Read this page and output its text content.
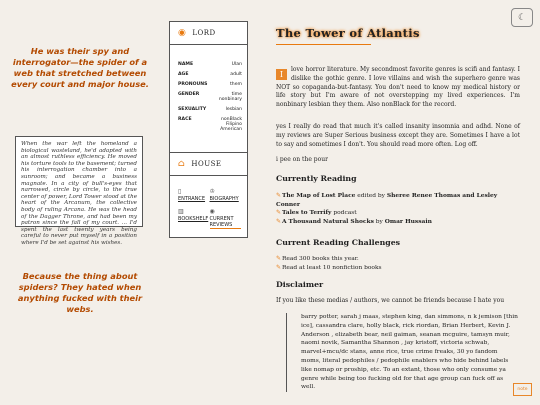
He was their spy and interrogator—the spider of a web that stretched between every court and major house.
When the war left the homeland a biological wasteland, he'd adapted with an almost ruthless efficiency. He moved his torture tools to the basement; turned his interrogation chamber into a sunroom; and became a business magnate. In a city of bull's-eyes that narrowed, circle by circle, to the true center of power, Lord Tower stood at the heart of the Arcanum, the collective body of ruling Arcana. He was the head of the Dagger Throne, and had been my patron since the fall of my court. ... I'd spent the last twenty years being careful to never put myself in a position where I'd be set against his wishes.
Because the thing about spiders? They hated when anything fucked with their webs.
◉ LORD
NAME	Ulan
AGE	adult
PRONOUNS	them
GENDER	time nonbinary
SEXUALITY	lesbian
RACE	nonBlack Filipino American
⌂ HOUSE
▯
ENTRANCE
♔
BIOGRAPHY
▥
BOOKSHELF
◉
CURRENT REVIEWS
The Tower of Atlantis
I
love horror literature. My secondmost favorite genres is scifi and fantasy. I dislike the gothic genre. I love villains and wish the superhero genre was NOT so copaganda-but-fantasy. You don't need to know my medical history or life story but I'm aware of not overstepping my lived experiences. I'm nonbinary lesbian they them. Also nonBlack for the record.
yes I really do read that much it's called insanity insomnia and adhd. None of my reviews are Super Serious business except they are. Sometimes I have a lot to say and sometimes I don't. You should read more often. Log off.
i pee on the pour
Currently Reading
✎The Map of Lost Place edited by Sheree Renee Thomas and Lesley Conner
✎Tales to Terrify podcast
✎A Thousand Natural Shocks by Omar Hussain
Current Reading Challenges
✎Read 300 books this year.
✎Read at least 10 nonfiction books
Disclaimer
If you like these medias / authors, we cannot be friends because I hate you
barry potter, sarah j maas, stephen king, dan simmons, n k jemison [thin ice], cassandra clare, holly black, rick riordan, Brian Herbert, Kevin J. Anderson , elizabeth bear, neil gaiman, seanan mcguire, tamsyn muir, naomi novik, Samantha Shannon , jay kristoff, victoria schwab, marvel+mcu/dc stans, anne rice, true crime freaks, 30 yo fandom moms, literal pedophiles / pedophile enablers who hide behind labels like nomap or proship, etc. To an extant, those who only consume ya genre while being too fucking old for that age group can fuck off as well.
☾
note
